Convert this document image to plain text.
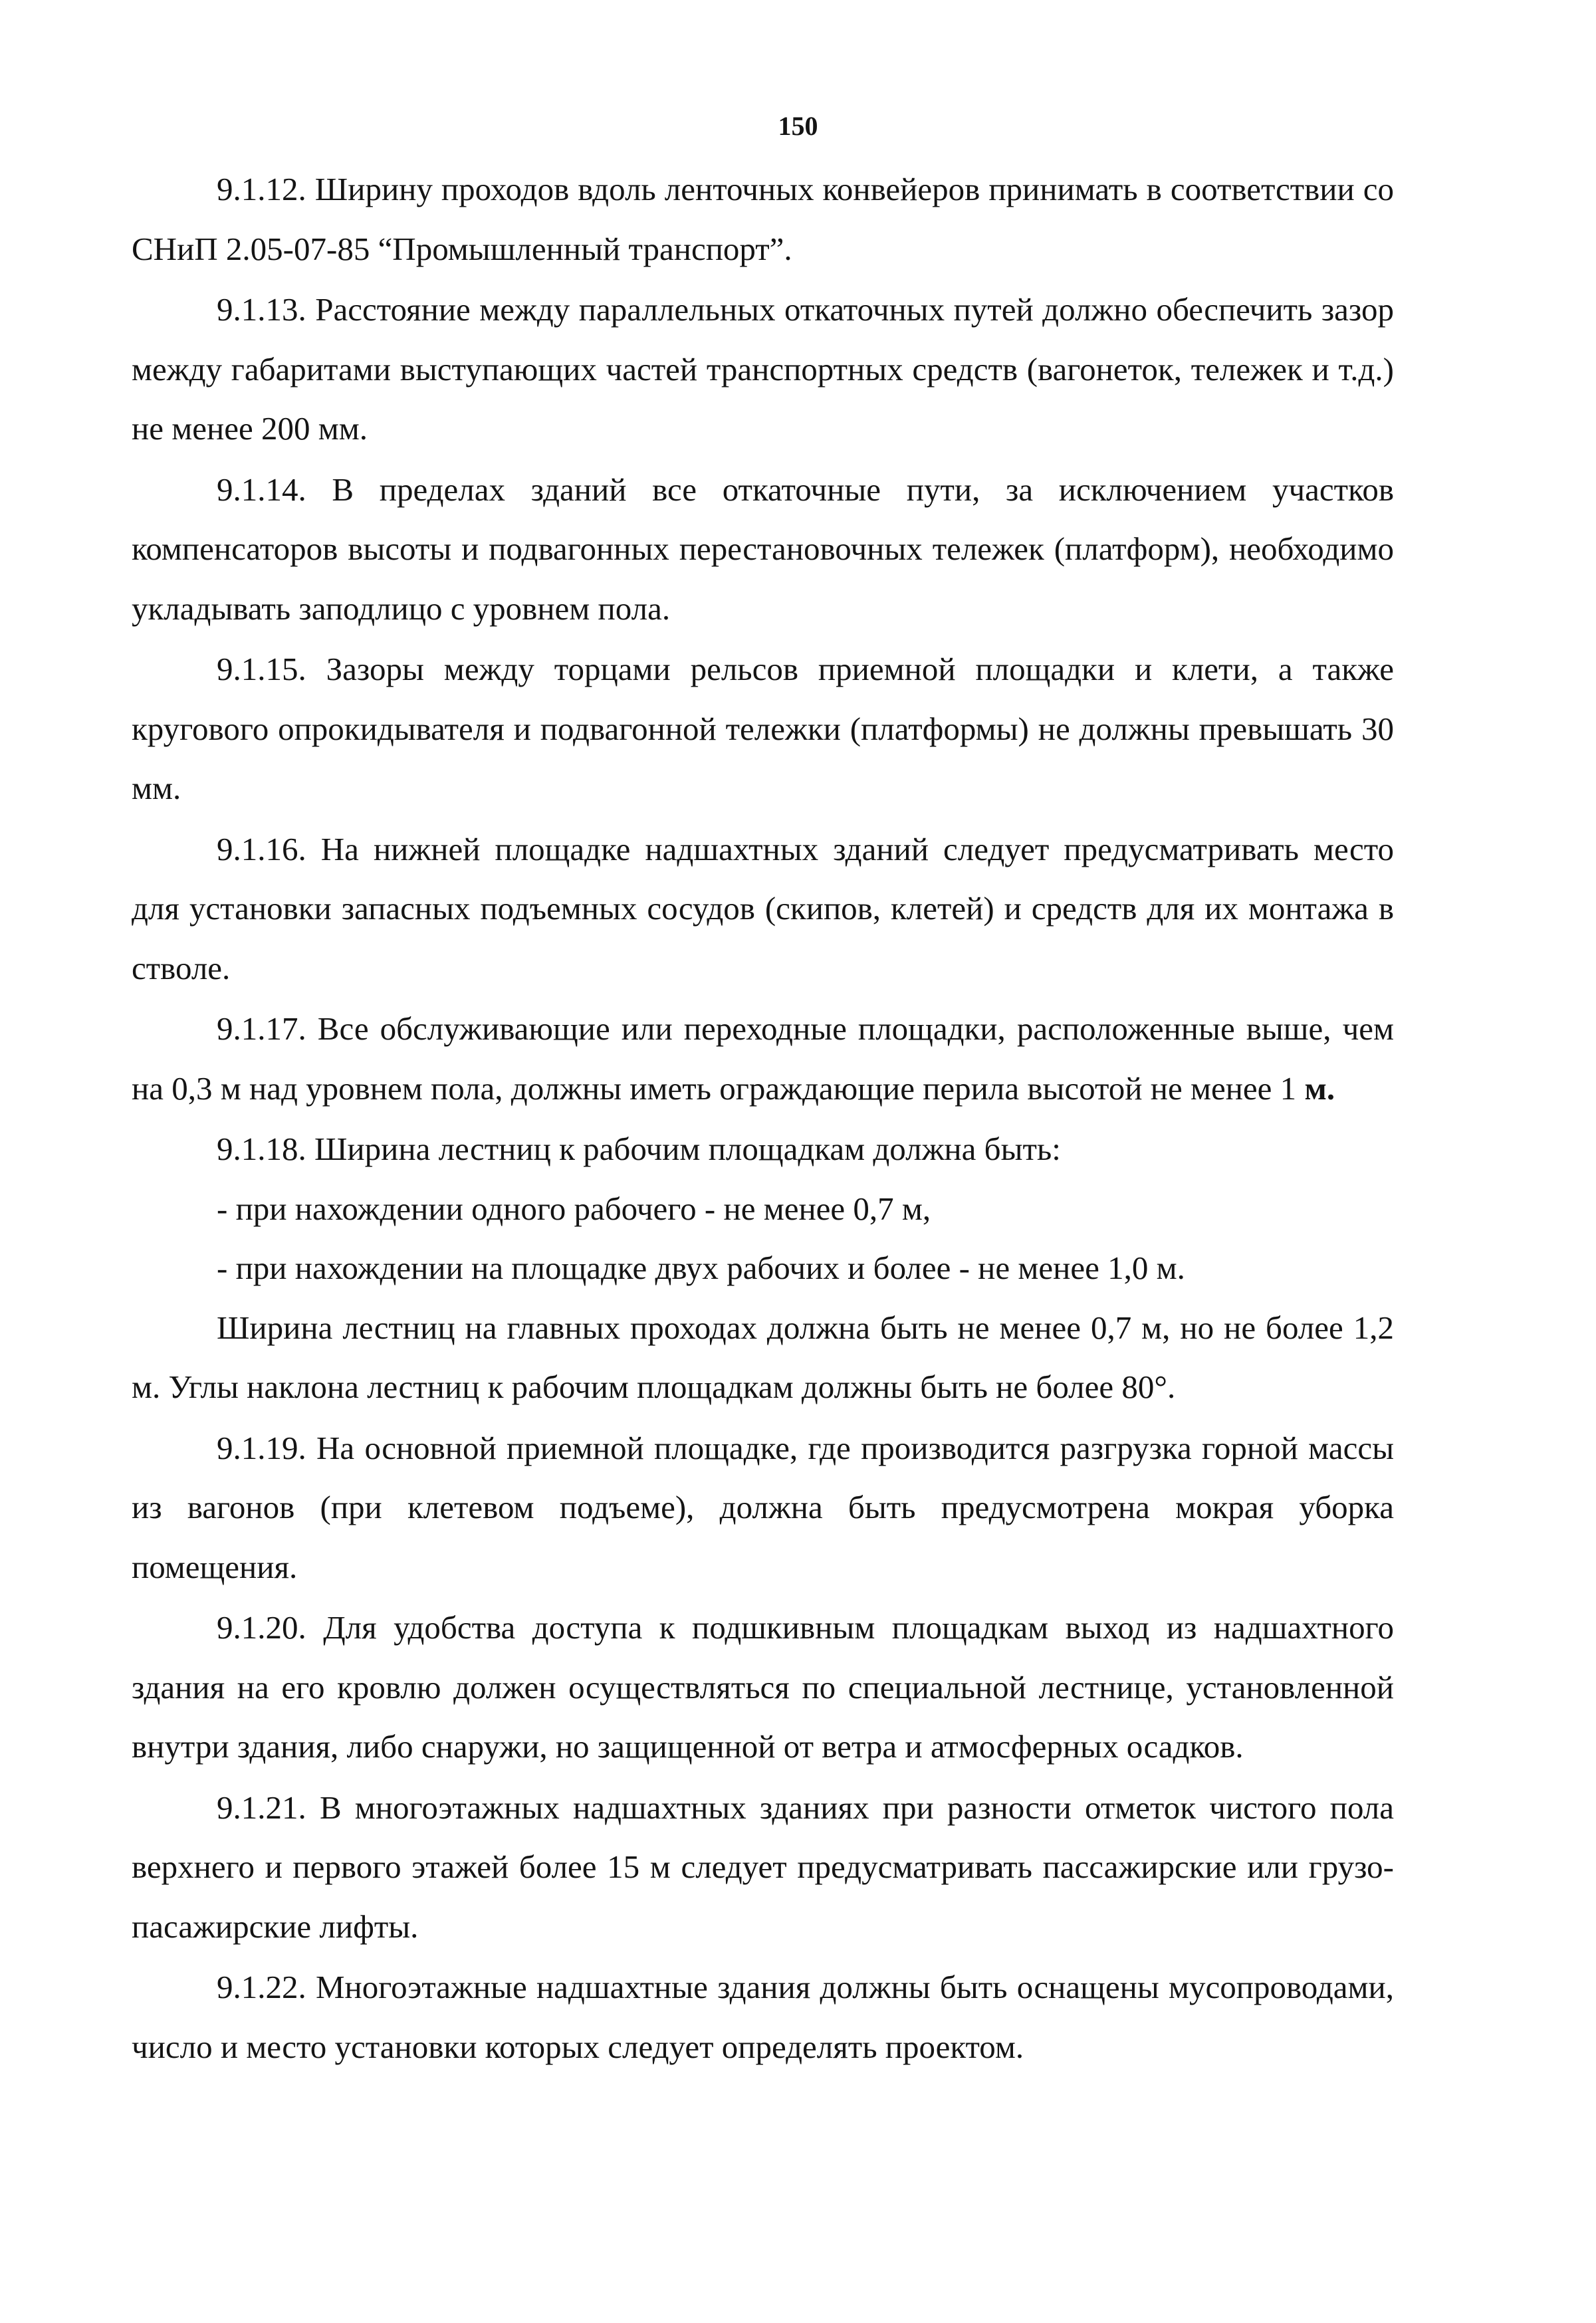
150

9.1.12. Ширину проходов вдоль ленточных конвейеров принимать в соответствии со СНиП 2.05-07-85 “Промышленный транспорт”.

9.1.13. Расстояние между параллельных откаточных путей должно обеспечить зазор между габаритами выступающих частей транспортных средств (вагонеток, тележек и т.д.) не менее 200 мм.

9.1.14. В пределах зданий все откаточные пути, за исключением участков компенсаторов высоты и подвагонных перестановочных тележек (платформ), необходимо укладывать заподлицо с уровнем пола.

9.1.15. Зазоры между торцами рельсов приемной площадки и клети, а также кругового опрокидывателя и подвагонной тележки (платформы) не должны превышать 30 мм.

9.1.16. На нижней площадке надшахтных зданий следует предусматривать место для установки запасных подъемных сосудов (скипов, клетей) и средств для их монтажа в стволе.

9.1.17. Все обслуживающие или переходные площадки, расположенные выше, чем на 0,3 м над уровнем пола, должны иметь ограждающие перила высотой не менее 1 м.

9.1.18. Ширина лестниц к рабочим площадкам должна быть:

- при нахождении одного рабочего - не менее 0,7 м,

- при нахождении на площадке двух рабочих и более - не менее 1,0 м.

Ширина лестниц на главных проходах должна быть не менее 0,7 м, но не более 1,2 м. Углы наклона лестниц к рабочим площадкам должны быть не более 80°.

9.1.19. На основной приемной площадке, где производится разгрузка горной массы из вагонов (при клетевом подъеме), должна быть предусмотрена мокрая уборка помещения.

9.1.20. Для удобства доступа к подшкивным площадкам выход из надшахтного здания на его кровлю должен осуществляться по специальной лестнице, установленной внутри здания, либо снаружи, но защищенной от ветра и атмосферных осадков.

9.1.21. В многоэтажных надшахтных зданиях при разности отметок чистого пола верхнего и первого этажей более 15 м следует предусматривать пассажирские или грузо-пасажирские лифты.

9.1.22. Многоэтажные надшахтные здания должны быть оснащены мусопроводами, число и место установки которых следует определять проектом.
